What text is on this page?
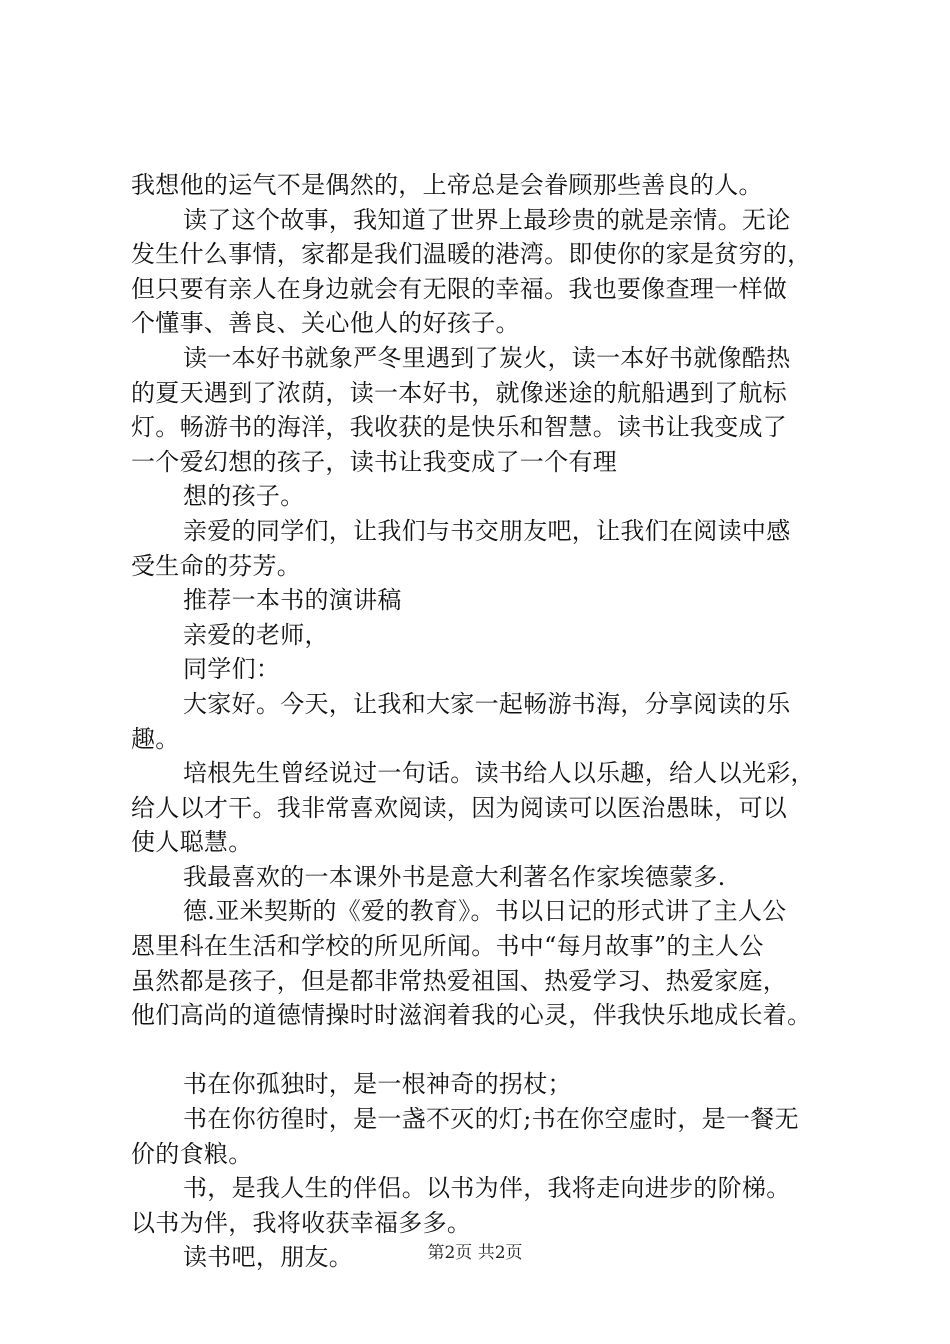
我想他的运气不是偶然的，上帝总是会眷顾那些善良的人。
读了这个故事，我知道了世界上最珍贵的就是亲情。无论
发生什么事情，家都是我们温暖的港湾。即使你的家是贫穷的，
但只要有亲人在身边就会有无限的幸福。我也要像查理一样做
个懂事、善良、关心他人的好孩子。
读一本好书就象严冬里遇到了炭火，读一本好书就像酷热
的夏天遇到了浓荫，读一本好书，就像迷途的航船遇到了航标
灯。畅游书的海洋，我收获的是快乐和智慧。读书让我变成了
一个爱幻想的孩子，读书让我变成了一个有理
想的孩子。
亲爱的同学们，让我们与书交朋友吧，让我们在阅读中感
受生命的芬芳。
推荐一本书的演讲稿
亲爱的老师，
同学们：
大家好。今天，让我和大家一起畅游书海，分享阅读的乐
趣。
培根先生曾经说过一句话。读书给人以乐趣，给人以光彩，
给人以才干。我非常喜欢阅读，因为阅读可以医治愚昧，可以
使人聪慧。
我最喜欢的一本课外书是意大利著名作家埃德蒙多.
德.亚米契斯的《爱的教育》。书以日记的形式讲了主人公
恩里科在生活和学校的所见所闻。书中“每月故事”的主人公
虽然都是孩子，但是都非常热爱祖国、热爱学习、热爱家庭，
他们高尚的道德情操时时滋润着我的心灵，伴我快乐地成长着。
书在你孤独时，是一根神奇的拐杖；
书在你彷徨时，是一盏不灭的灯;书在你空虚时，是一餐无
价的食粮。
书，是我人生的伴侣。以书为伴，我将走向进步的阶梯。
以书为伴，我将收获幸福多多。
读书吧，朋友。	第2页 共2页
